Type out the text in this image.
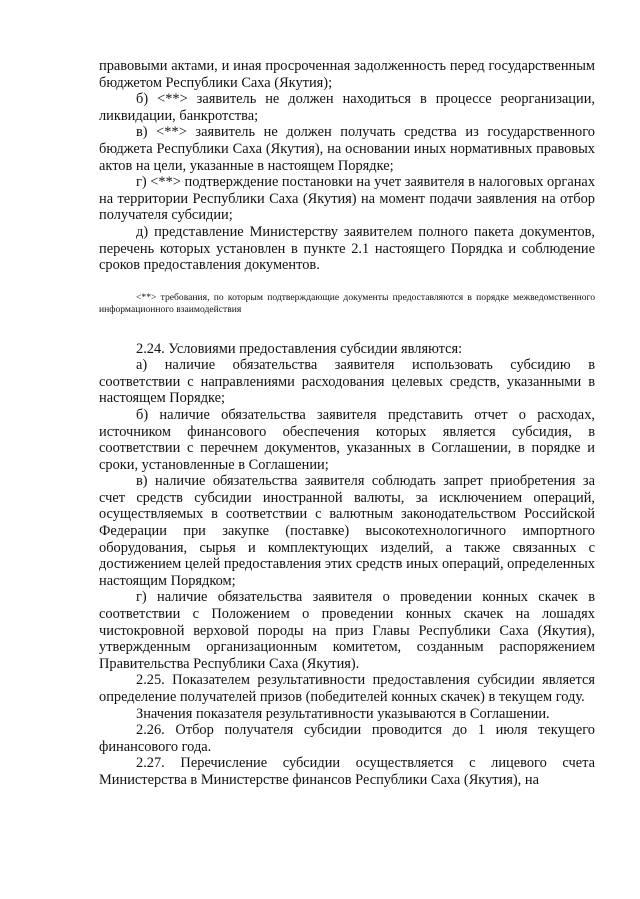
правовыми актами, и иная просроченная задолженность перед государственным бюджетом Республики Саха (Якутия);

б) <**> заявитель не должен находиться в процессе реорганизации, ликвидации, банкротства;

в) <**> заявитель не должен получать средства из государственного бюджета Республики Саха (Якутия), на основании иных нормативных правовых актов на цели, указанные в настоящем Порядке;

г) <**> подтверждение постановки на учет заявителя в налоговых органах на территории Республики Саха (Якутия) на момент подачи заявления на отбор получателя субсидии;

д) представление Министерству заявителем полного пакета документов, перечень которых установлен в пункте 2.1 настоящего Порядка и соблюдение сроков предоставления документов.

<**> требования, по которым подтверждающие документы предоставляются в порядке межведомственного информационного взаимодействия

2.24. Условиями предоставления субсидии являются:

а) наличие обязательства заявителя использовать субсидию в соответствии с направлениями расходования целевых средств, указанными в настоящем Порядке;

б) наличие обязательства заявителя представить отчет о расходах, источником финансового обеспечения которых является субсидия, в соответствии с перечнем документов, указанных в Соглашении, в порядке и сроки, установленные в Соглашении;

в) наличие обязательства заявителя соблюдать запрет приобретения за счет средств субсидии иностранной валюты, за исключением операций, осуществляемых в соответствии с валютным законодательством Российской Федерации при закупке (поставке) высокотехнологичного импортного оборудования, сырья и комплектующих изделий, а также связанных с достижением целей предоставления этих средств иных операций, определенных настоящим Порядком;

г) наличие обязательства заявителя о проведении конных скачек в соответствии с Положением о проведении конных скачек на лошадях чистокровной верховой породы на приз Главы Республики Саха (Якутия), утвержденным организационным комитетом, созданным распоряжением Правительства Республики Саха (Якутия).

2.25. Показателем результативности предоставления субсидии является определение получателей призов (победителей конных скачек) в текущем году.

Значения показателя результативности указываются в Соглашении.

2.26. Отбор получателя субсидии проводится до 1 июля текущего финансового года.

2.27. Перечисление субсидии осуществляется с лицевого счета Министерства в Министерстве финансов Республики Саха (Якутия), на
